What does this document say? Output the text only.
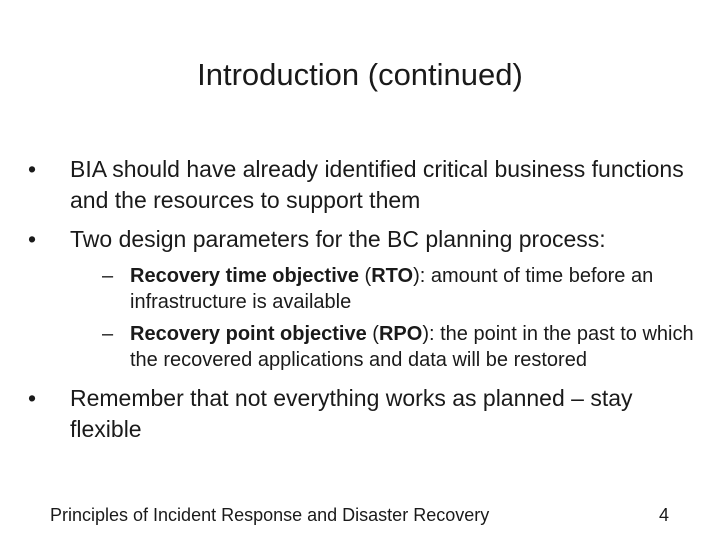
Introduction (continued)
• BIA should have already identified critical business functions and the resources to support them
• Two design parameters for the BC planning process:
– Recovery time objective (RTO): amount of time before an infrastructure is available
– Recovery point objective (RPO): the point in the past to which the recovered applications and data will be restored
• Remember that not everything works as planned – stay flexible
Principles of Incident Response and Disaster Recovery	4
